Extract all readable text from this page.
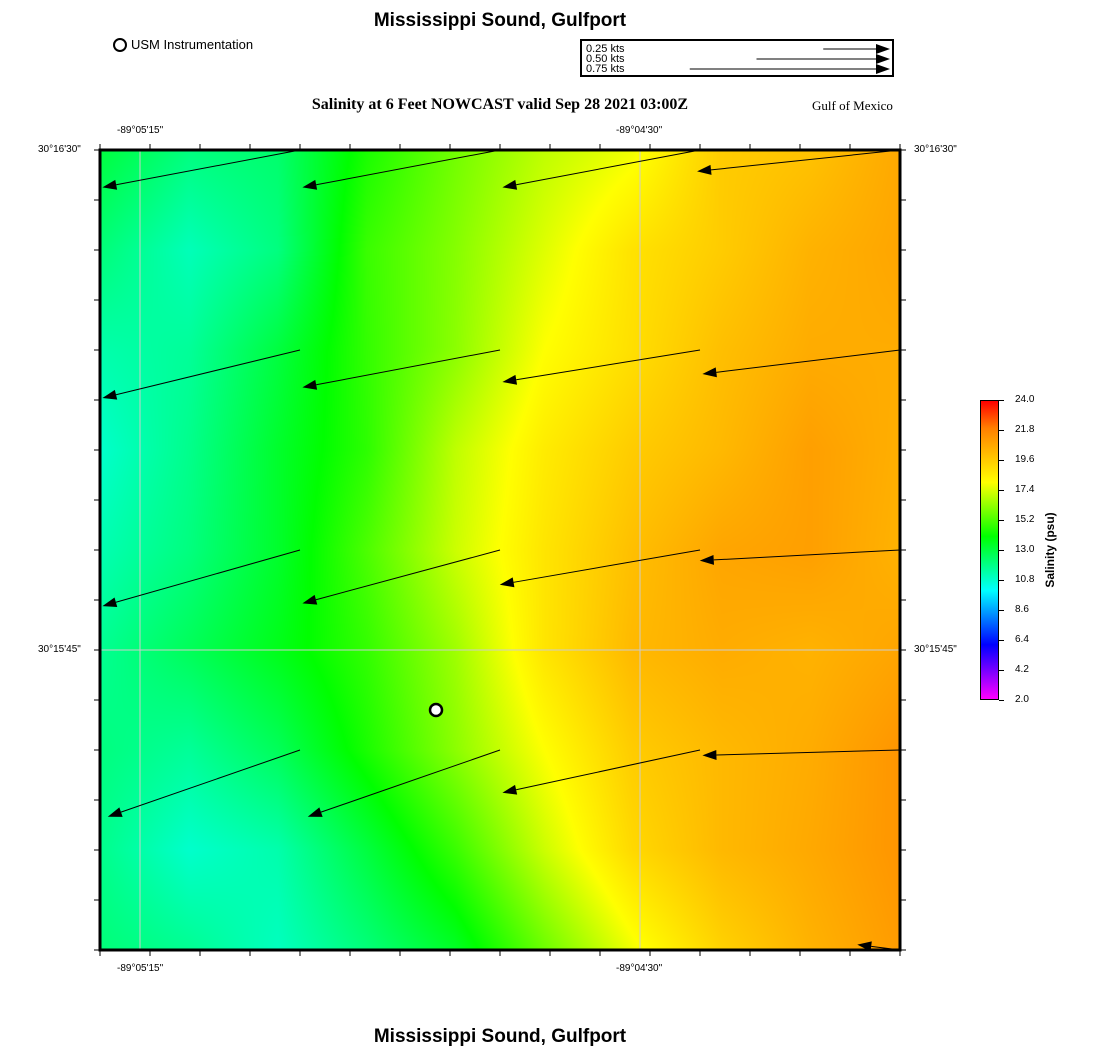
Mississippi Sound, Gulfport
USM Instrumentation	0.25 kts
0.50 kts
0.75 kts
Salinity at 6 Feet NOWCAST valid Sep 28 2021 03:00Z	Gulf of Mexico
-89°05'15"	-89°04'30"
-89°05'15"	-89°04'30"
30°16'30"
30°15'45"
30°16'30"
30°15'45"
24.0
21.8
19.6
17.4
15.2
13.0
10.8
8.6
6.4
4.2
2.0
Salinity (psu)
Mississippi Sound, Gulfport
